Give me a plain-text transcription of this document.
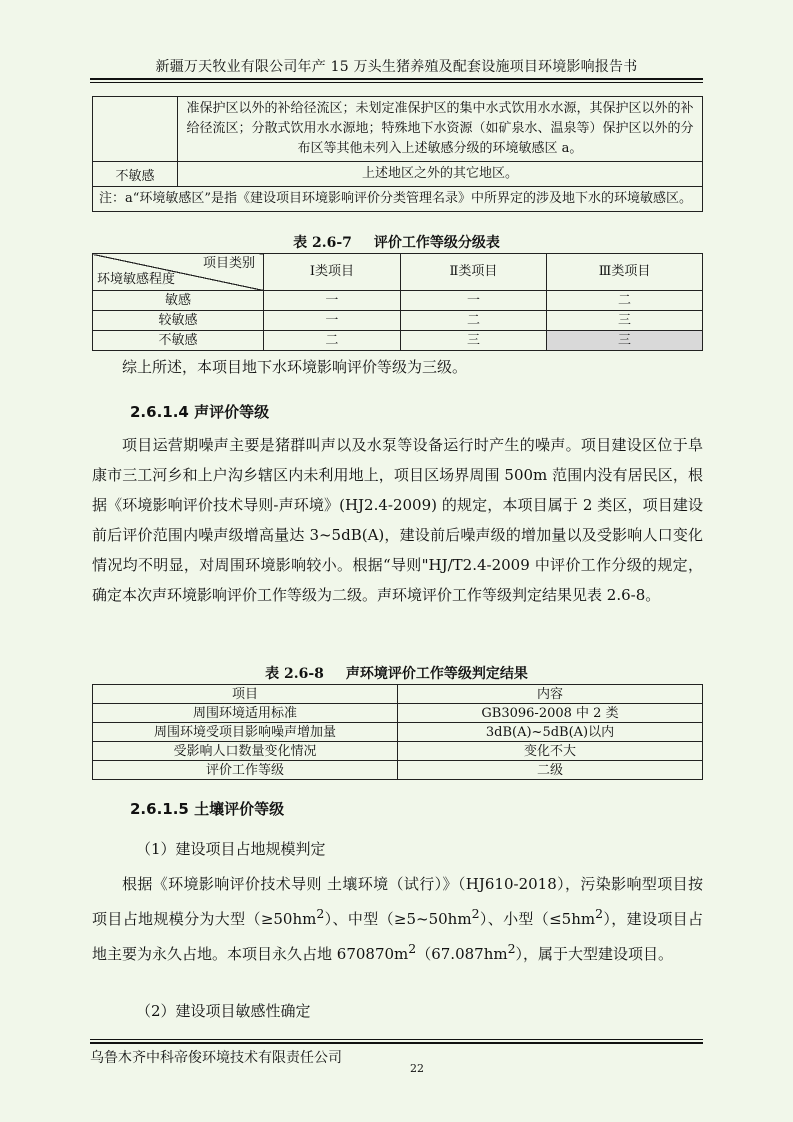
新疆万天牧业有限公司年产 15 万头生猪养殖及配套设施项目环境影响报告书
	准保护区以外的补给径流区；未划定准保护区的集中水式饮用水水源，其保护区以外的补给径流区；分散式饮用水水源地；特殊地下水资源（如矿泉水、温泉等）保护区以外的分布区等其他未列入上述敏感分级的环境敏感区 a。
不敏感	上述地区之外的其它地区。
注：a“环境敏感区”是指《建设项目环境影响评价分类管理名录》中所界定的涉及地下水的环境敏感区。	
表 2.6-7 评价工作等级分级表
项目类别
环境敏感程度	Ⅰ类项目	Ⅱ类项目	Ⅲ类项目
敏感	一	一	二
较敏感	一	二	三
不敏感	二	三	三
综上所述，本项目地下水环境影响评价等级为三级。
2.6.1.4 声评价等级
项目运营期噪声主要是猪群叫声以及水泵等设备运行时产生的噪声。项目建设区位于阜康市三工河乡和上户沟乡辖区内未利用地上，项目区场界周围 500m 范围内没有居民区，根据《环境影响评价技术导则-声环境》(HJ2.4-2009) 的规定，本项目属于 2 类区，项目建设前后评价范围内噪声级增高量达 3~5dB(A)，建设前后噪声级的增加量以及受影响人口变化情况均不明显，对周围环境影响较小。根据“导则"HJ/T2.4-2009 中评价工作分级的规定，确定本次声环境影响评价工作等级为二级。声环境评价工作等级判定结果见表 2.6-8。
表 2.6-8 声环境评价工作等级判定结果
项目	内容
周围环境适用标准	GB3096-2008 中 2 类
周围环境受项目影响噪声增加量	3dB(A)~5dB(A)以内
受影响人口数量变化情况	变化不大
评价工作等级	二级
2.6.1.5 土壤评价等级
（1）建设项目占地规模判定
根据《环境影响评价技术导则 土壤环境（试行）》（HJ610-2018），污染影响型项目按项目占地规模分为大型$(\ge 50hm^2)$、中型$(\ge 5\sim 50hm^2)$、小型$(\le 5hm^2)$，建设项目占地主要为永久占地。本项目永久占地 $670870m^2(67.087hm^2)$，属于大型建设项目。
（2）建设项目敏感性确定
乌鲁木齐中科帝俊环境技术有限责任公司
22
